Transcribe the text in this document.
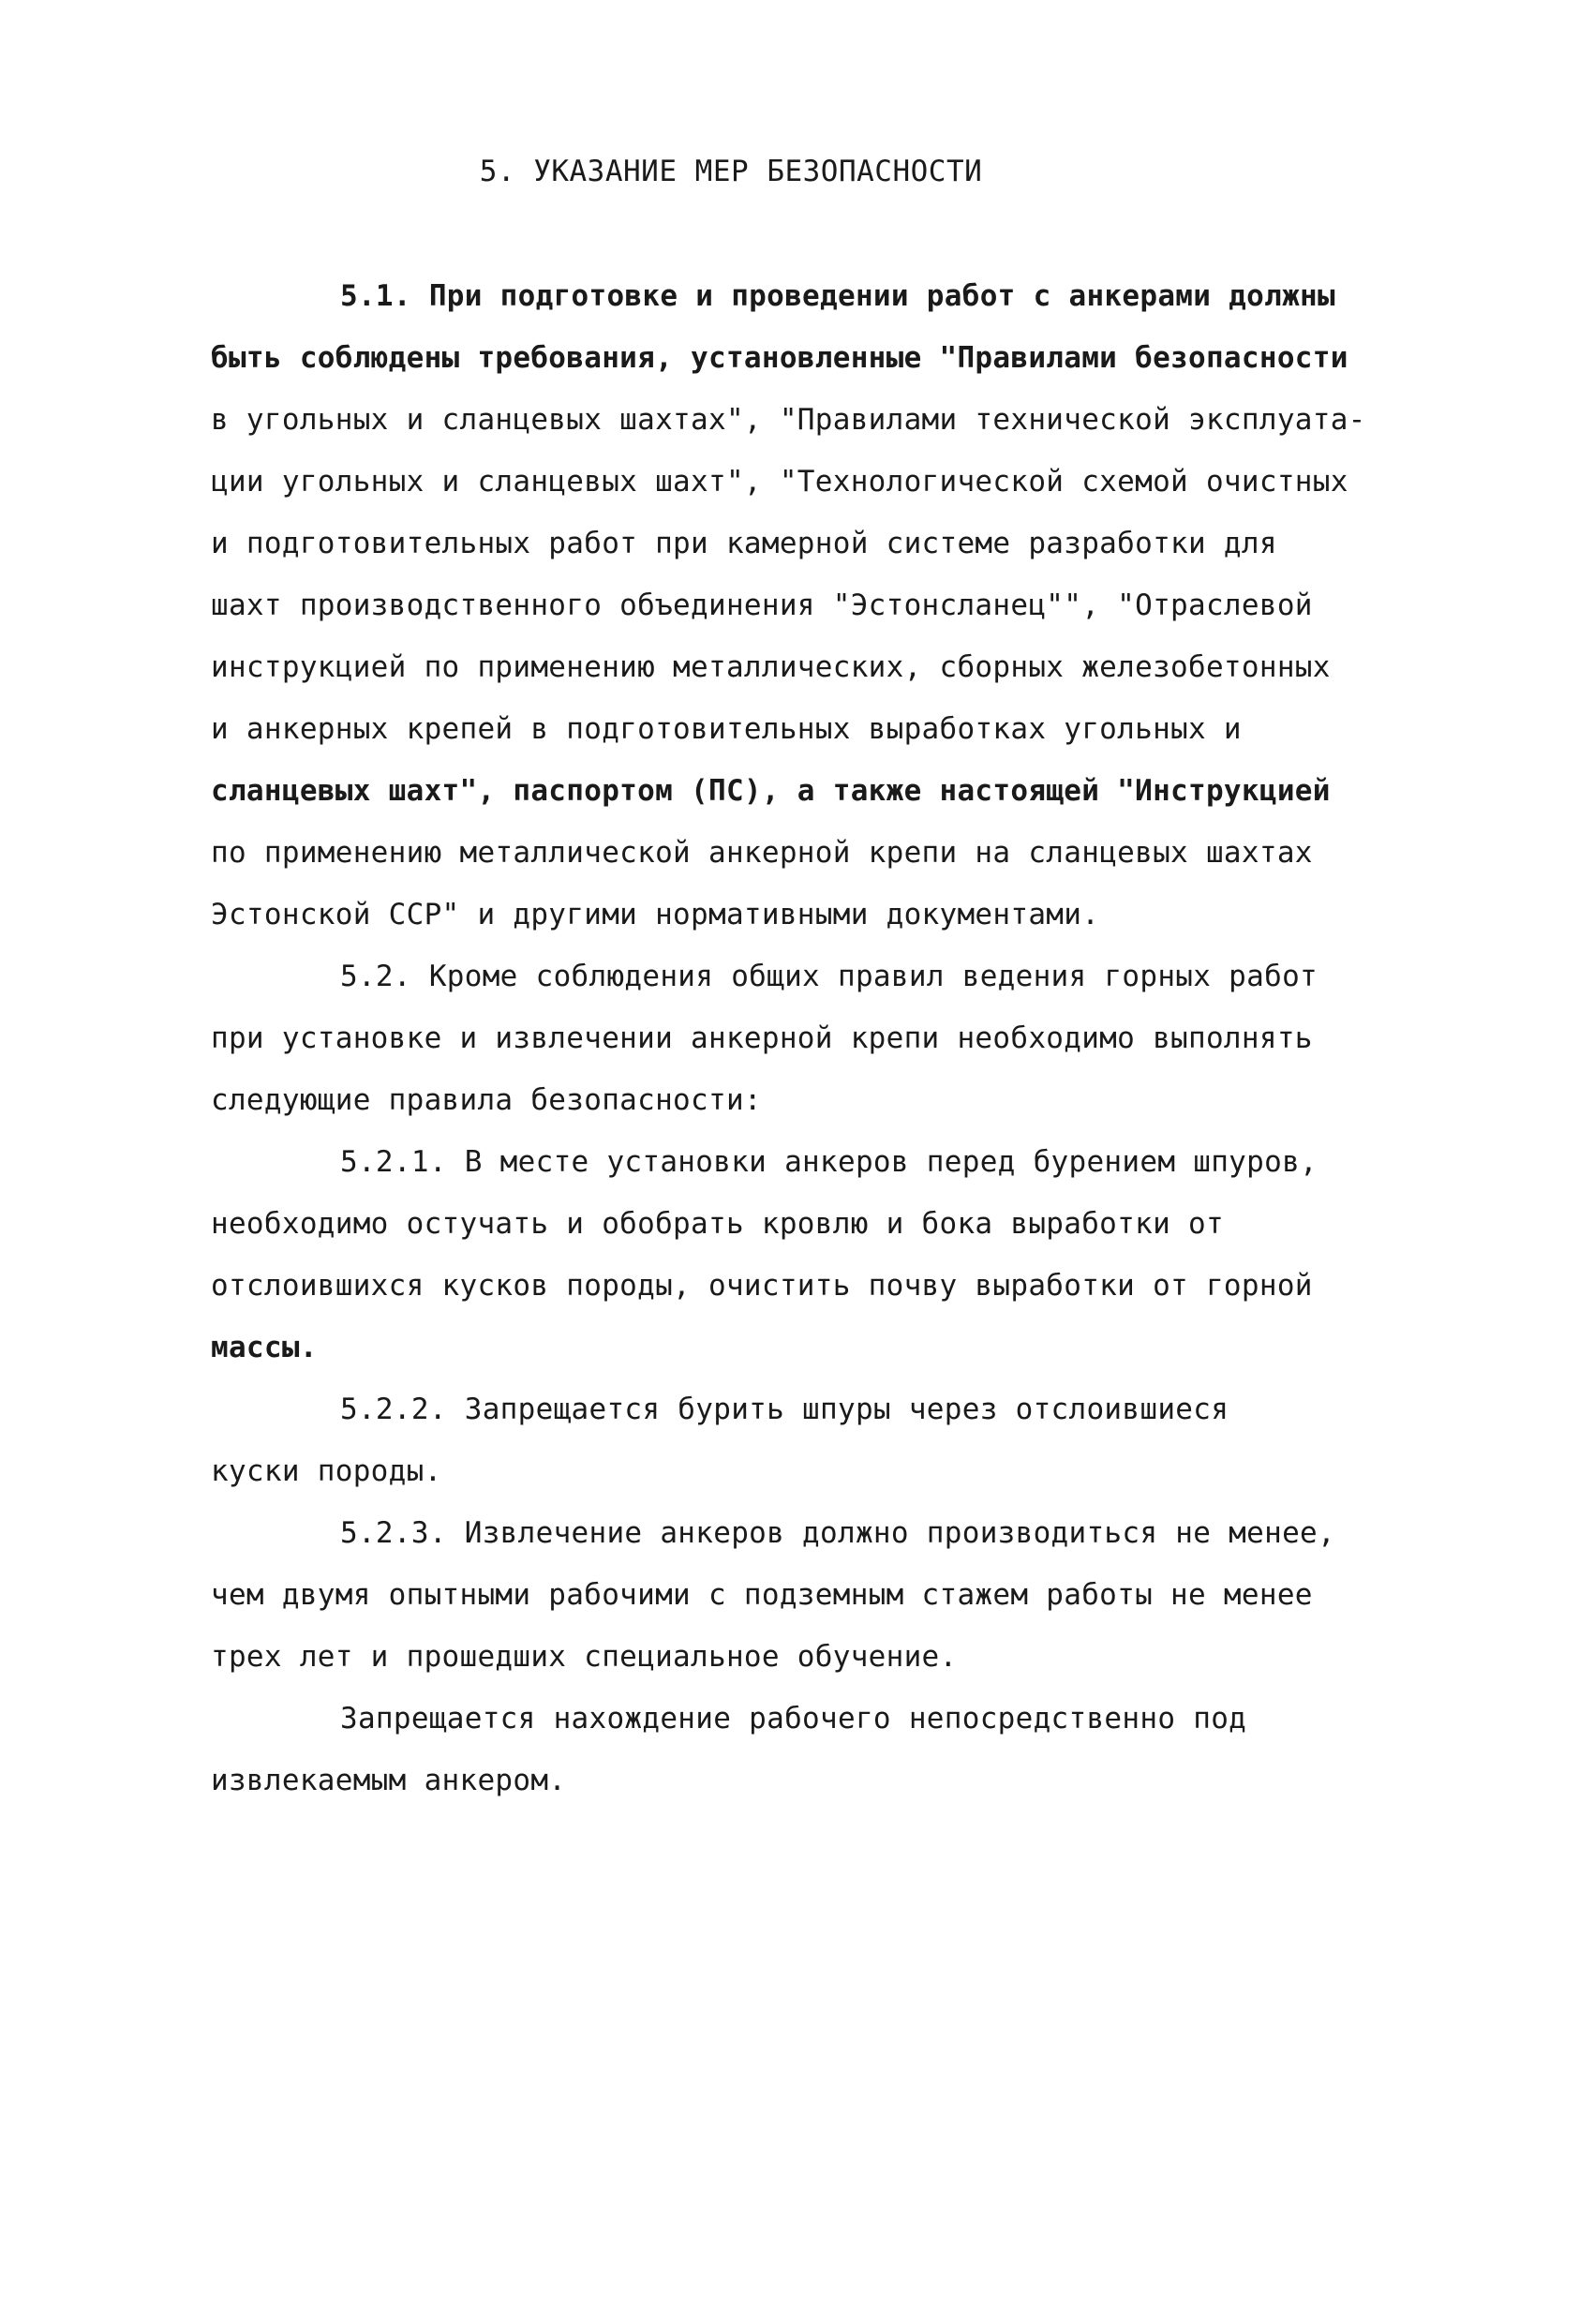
5. УКАЗАНИЕ МЕР БЕЗОПАСНОСТИ
5.1. При подготовке и проведении работ с анкерами должны
быть соблюдены требования, установленные "Правилами безопасности
в угольных и сланцевых шахтах", "Правилами технической эксплуата-
ции угольных и сланцевых шахт", "Технологической схемой очистных
и подготовительных работ при камерной системе разработки для
шахт производственного объединения "Эстонсланец"", "Отраслевой
инструкцией по применению металлических, сборных железобетонных
и анкерных крепей в подготовительных выработках угольных и
сланцевых шахт", паспортом (ПС), а также настоящей "Инструкцией
по применению металлической анкерной крепи на сланцевых шахтах
Эстонской ССР" и другими нормативными документами.
5.2. Кроме соблюдения общих правил ведения горных работ
при установке и извлечении анкерной крепи необходимо выполнять
следующие правила безопасности:
5.2.1. В месте установки анкеров перед бурением шпуров,
необходимо остучать и обобрать кровлю и бока выработки от
отслоившихся кусков породы, очистить почву выработки от горной
массы.
5.2.2. Запрещается бурить шпуры через отслоившиеся
куски породы.
5.2.3. Извлечение анкеров должно производиться не менее,
чем двумя опытными рабочими с подземным стажем работы не менее
трех лет и прошедших специальное обучение.
Запрещается нахождение рабочего непосредственно под
извлекаемым анкером.
